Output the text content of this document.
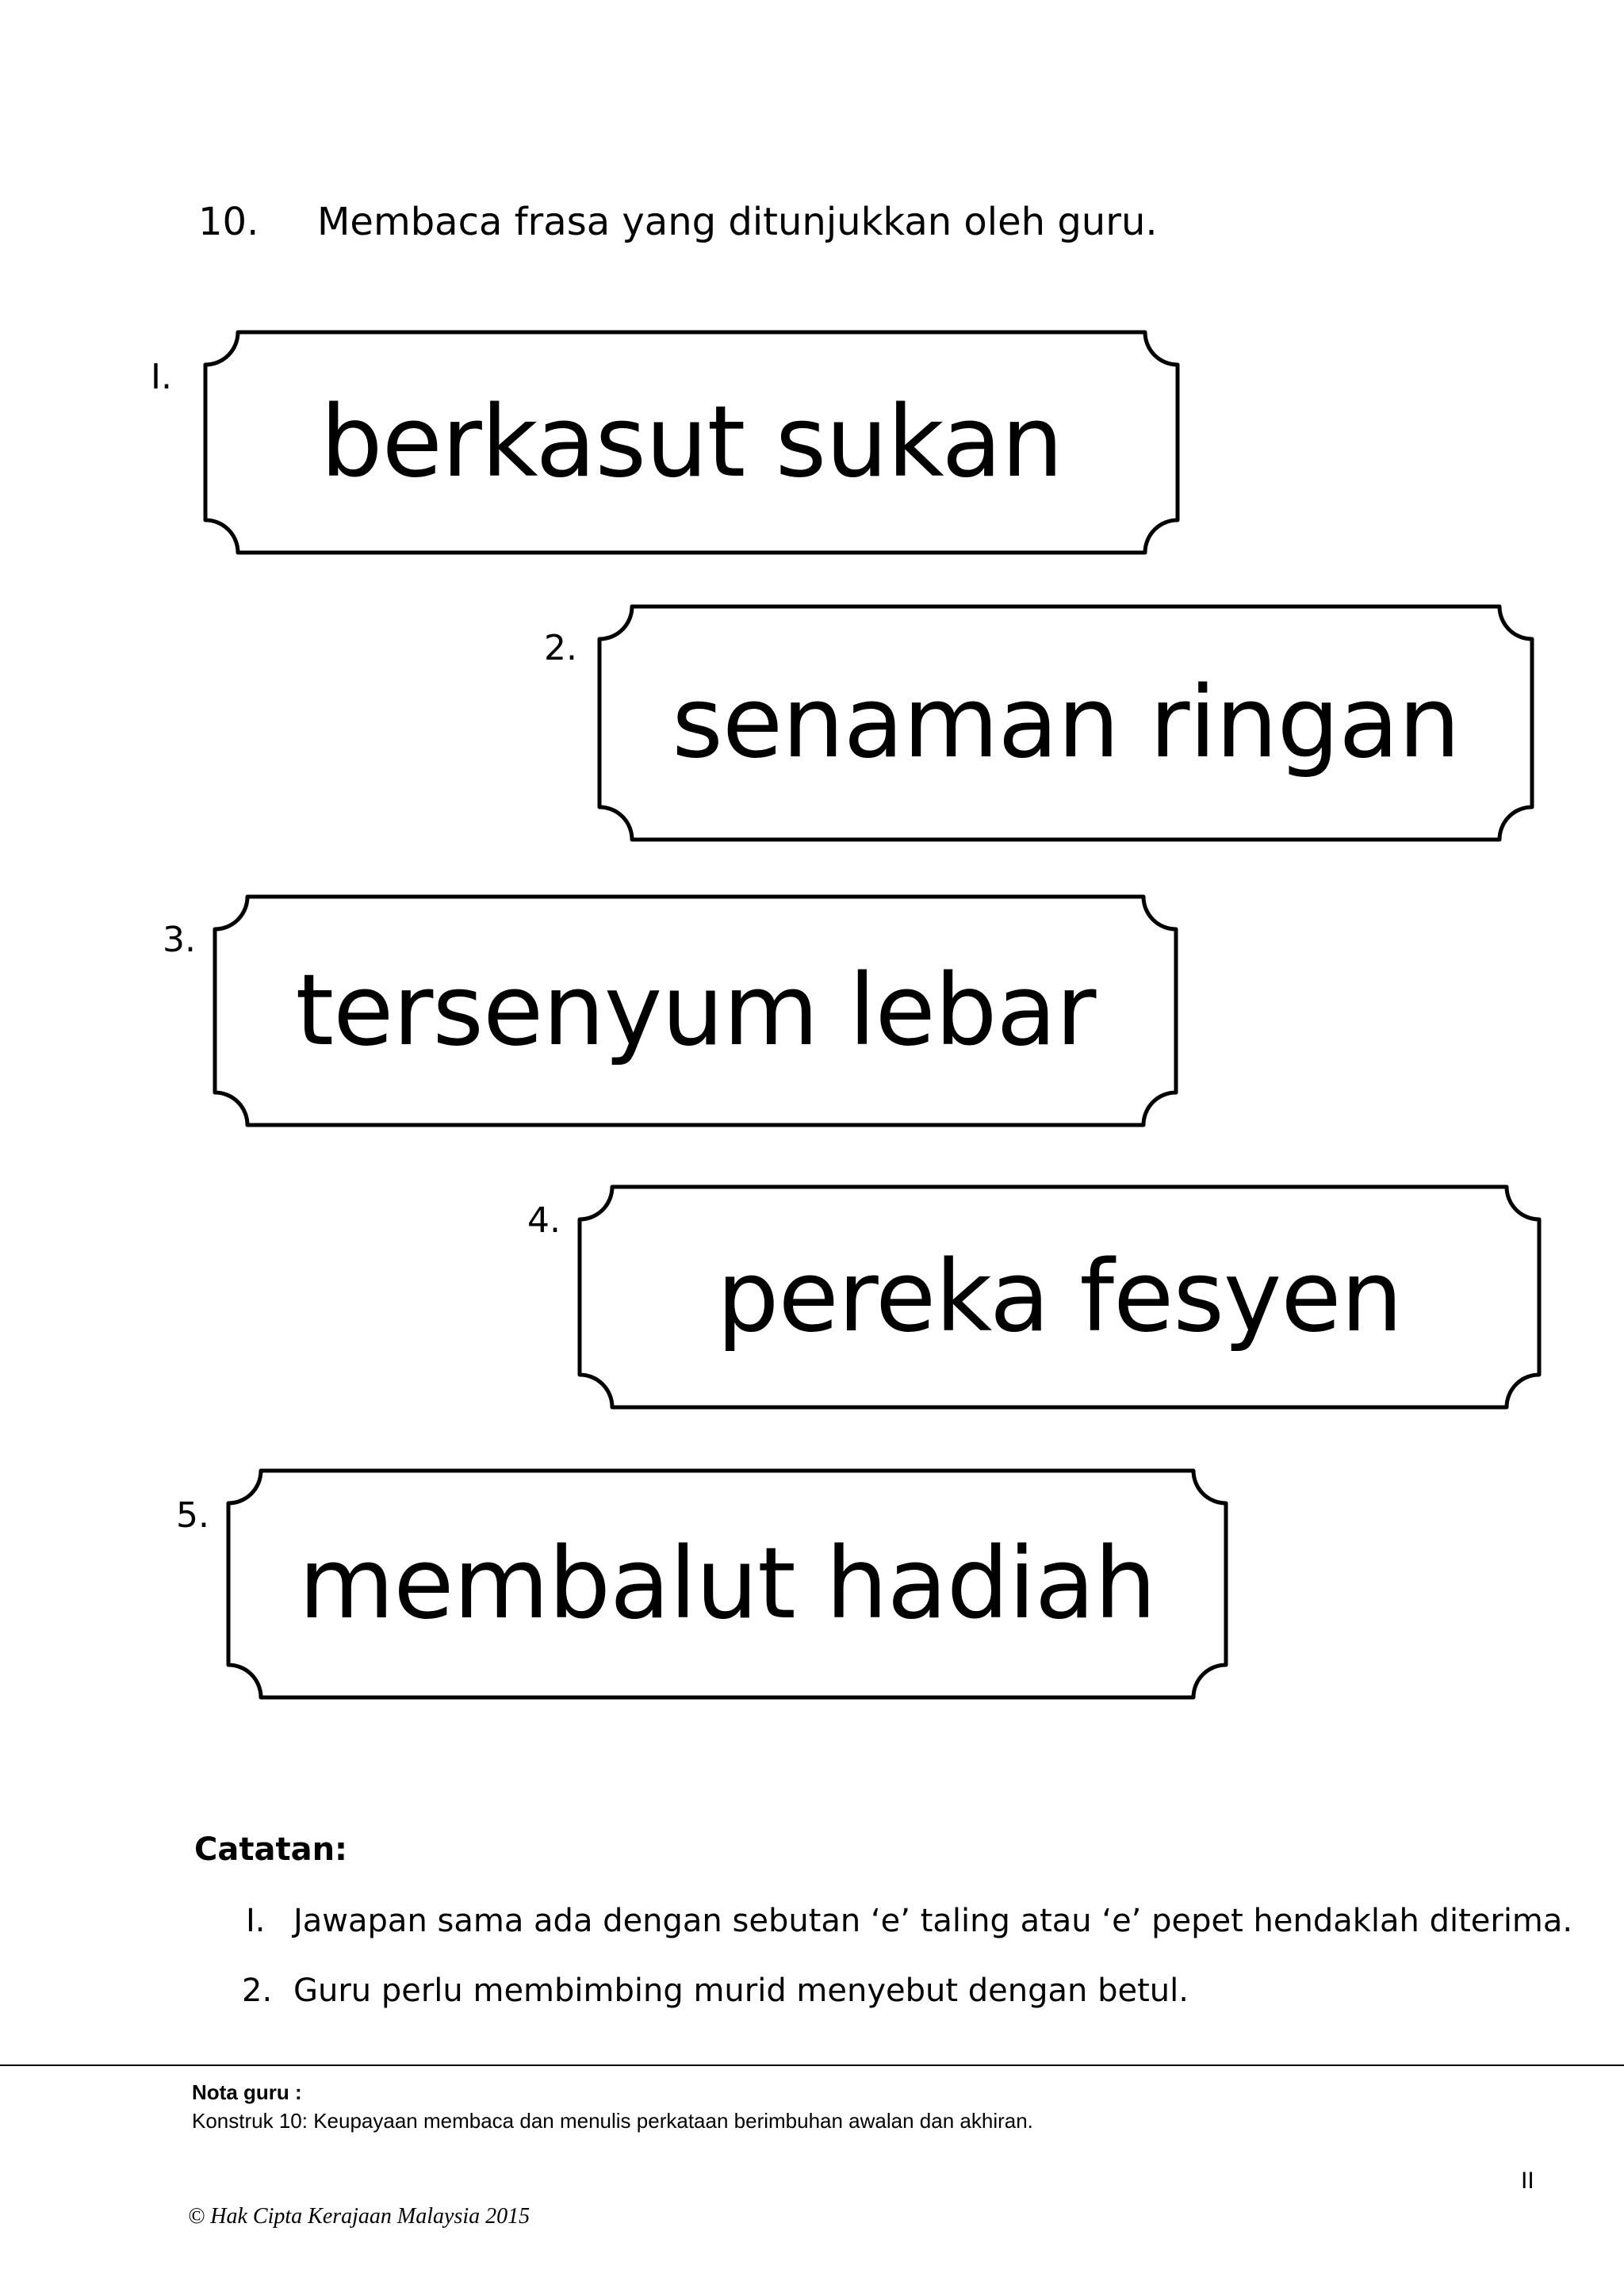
10. Membaca frasa yang ditunjukkan oleh guru.
I.
berkasut sukan
2.
senaman ringan
3.
tersenyum lebar
4.
pereka fesyen
5.
membalut hadiah
Catatan:
I. Jawapan sama ada dengan sebutan ‘e’ taling atau ‘e’ pepet hendaklah diterima.
2. Guru perlu membimbing murid menyebut dengan betul.
Nota guru :
Konstruk 10: Keupayaan membaca dan menulis perkataan berimbuhan awalan dan akhiran.
II
© Hak Cipta Kerajaan Malaysia 2015
